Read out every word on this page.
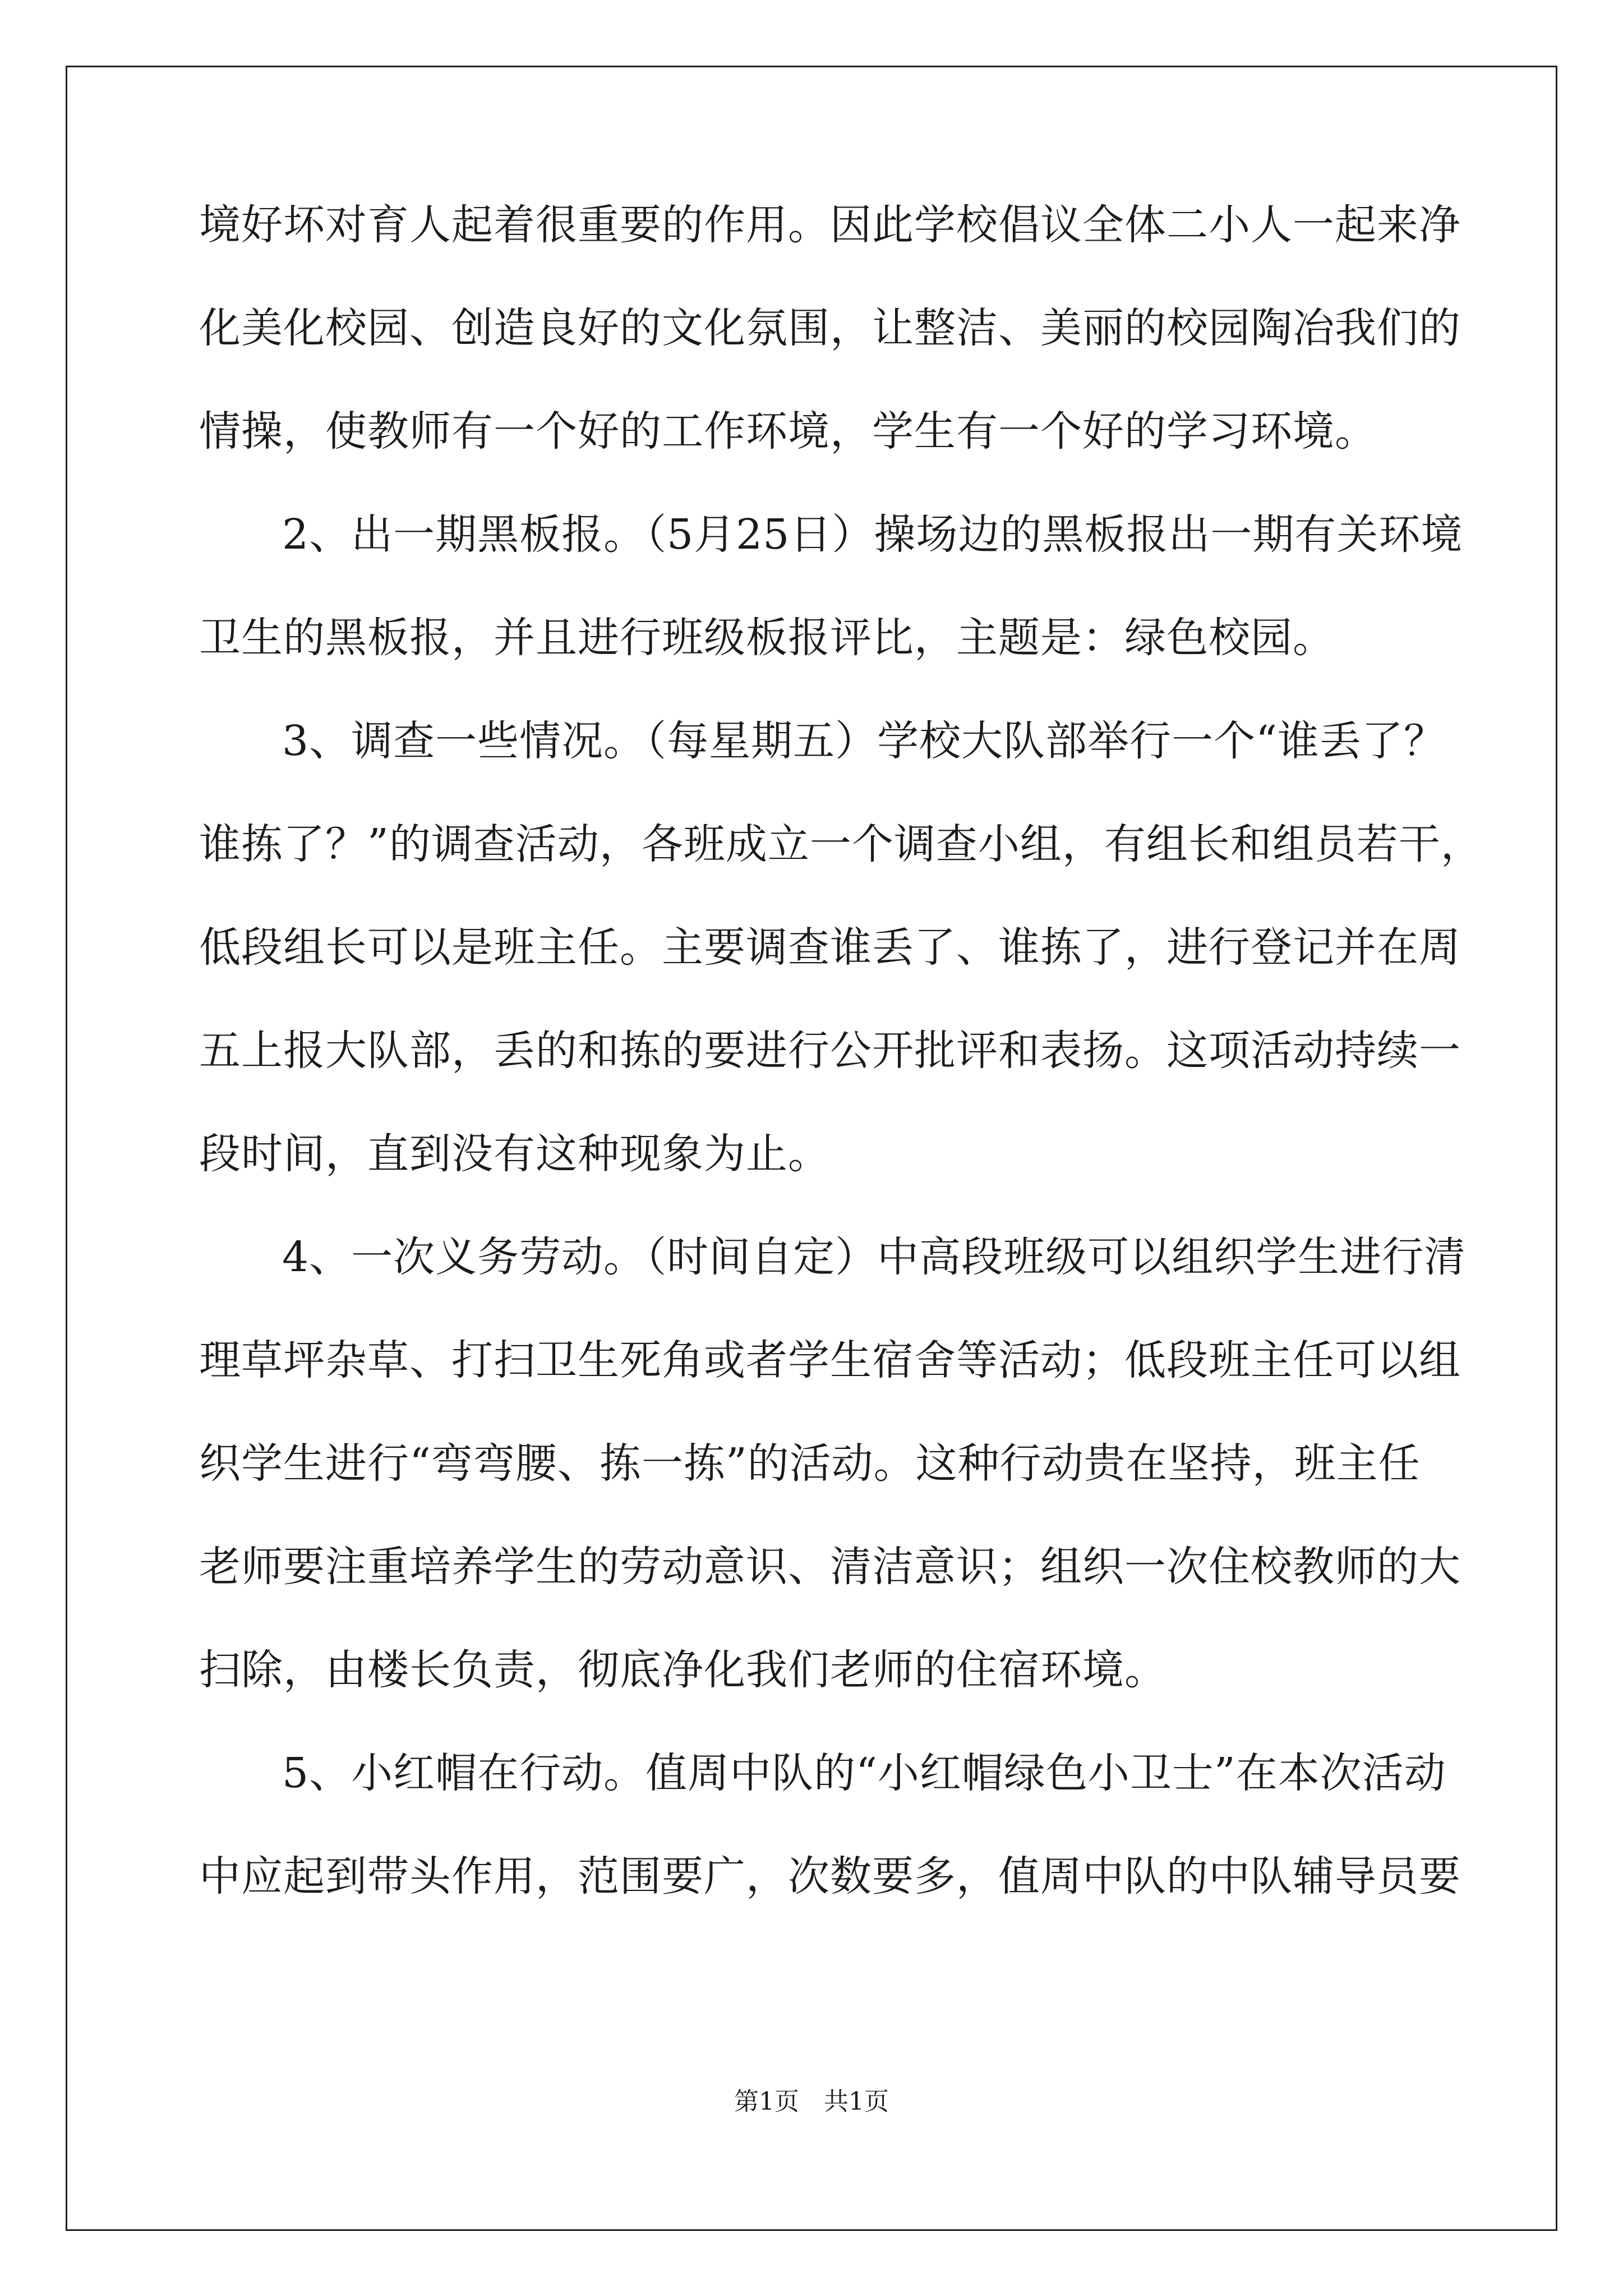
境好坏对育人起着很重要的作用。因此学校倡议全体二小人一起来净
化美化校园、创造良好的文化氛围，让整洁、美丽的校园陶冶我们的
情操，使教师有一个好的工作环境，学生有一个好的学习环境。
2、出一期黑板报。（5月25日）操场边的黑板报出一期有关环境
卫生的黑板报，并且进行班级板报评比，主题是：绿色校园。
3、调查一些情况。（每星期五）学校大队部举行一个“谁丢了？
谁拣了？”的调查活动，各班成立一个调查小组，有组长和组员若干，
低段组长可以是班主任。主要调查谁丢了、谁拣了，进行登记并在周
五上报大队部，丢的和拣的要进行公开批评和表扬。这项活动持续一
段时间，直到没有这种现象为止。
4、一次义务劳动。（时间自定）中高段班级可以组织学生进行清
理草坪杂草、打扫卫生死角或者学生宿舍等活动；低段班主任可以组
织学生进行“弯弯腰、拣一拣”的活动。这种行动贵在坚持，班主任
老师要注重培养学生的劳动意识、清洁意识；组织一次住校教师的大
扫除，由楼长负责，彻底净化我们老师的住宿环境。
5、小红帽在行动。值周中队的“小红帽绿色小卫士”在本次活动
中应起到带头作用，范围要广，次数要多，值周中队的中队辅导员要
第1页　共1页
